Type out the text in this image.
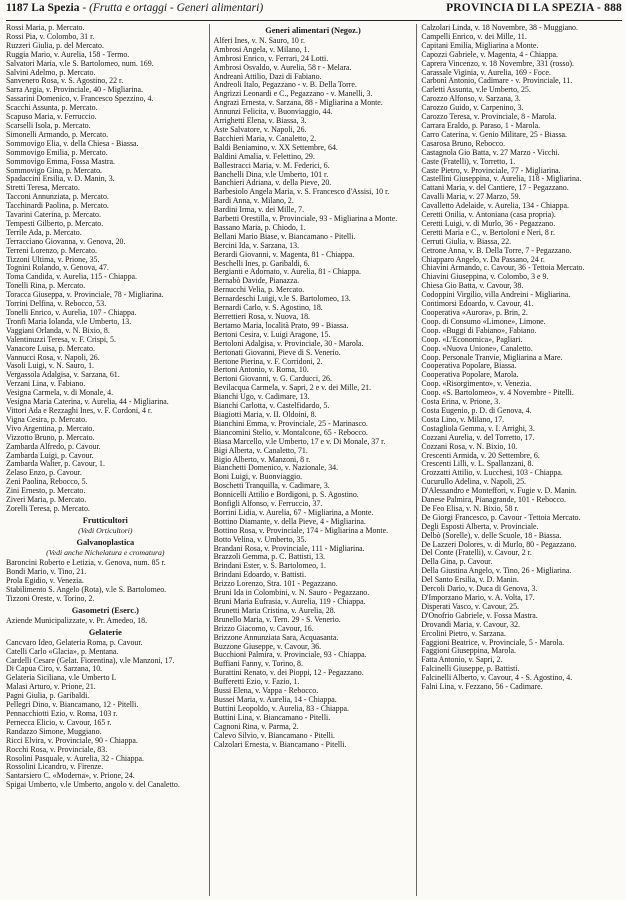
1187 La Spezia - (Frutta e ortaggi - Generi alimentari)	PROVINCIA DI LA SPEZIA - 888
Rossi Maria, p. Mercato.
Rossi Pia, v. Colombo, 31 r.
Ruzzeri Giulia, p. del Mercato.
Ruggia Mario, v. Aurelia, 158 - Termo.
Salvatori Maria, v.le S. Bartolomeo, num. 169.
Salvini Adelmo, p. Mercato.
Sanvenero Rosa, v. S. Agostino, 22 r.
Sarra Argia, v. Provinciale, 40 - Migliarina.
Sassarini Domenico, v. Francesco Spezzino, 4.
Scacchi Assunta, p. Mercato.
Scapuso Maria, v. Ferruccio.
Scarselli Isola, p. Mercato.
Simonelli Armando, p. Mercato.
Sommovigo Elia, v. della Chiesa - Biassa.
Sommovigo Emilia, p. Mercato.
Sommovigo Emma, Fossa Mastra.
Sommovigo Gina, p. Mercato.
Spadaccini Ersilia, v. D. Manin, 3.
Stretti Teresa, Mercato.
Tacconi Annunziata, p. Mercato.
Tacchinardi Paolina, p. Mercato.
Tavarini Caterina, p. Mercato.
Tempesti Gilberto, p. Mercato.
Terrile Ada, p. Mercato.
Terracciano Giovanna, v. Genova, 20.
Terreni Lorenzo, p. Mercato.
Tizzoni Ultima, v. Prione, 35.
Tognini Rolando, v. Genova, 47.
Toma Candida, v. Aurelia, 115 - Chiappa.
Tonelli Rina, p. Mercato.
Toracca Giuseppa, v. Provinciale, 78 - Migliarina.
Torrini Delfina, v. Rebocco, 53.
Tonelli Enrico, v. Aurelia, 107 - Chiappa.
Tronfi Maria Iolanda, v.le Umberto, 13.
Vaggiani Orlanda, v. N. Bixio, 8.
Valentinuzzi Teresa, v. F. Crispi, 5.
Vanacore Luisa, p. Mercato.
Vannucci Rosa, v. Napoli, 26.
Vasoli Luigi, v. N. Sauro, 1.
Vergassola Adalgisa, v. Sarzana, 61.
Verzani Lina, v. Fabiano.
Vesigna Carmela, v. di Monale, 4.
Vesigna Maria Caterina, v. Aurelia, 44 - Migliarina.
Vittori Ada e Rezzaghi Ines, v. F. Cordoni, 4 r.
Vigna Cesira, p. Mercato.
Vivo Argentina, p. Mercato.
Vizzotto Bruno, p. Mercato.
Zambarda Alfredo, p. Cavour.
Zambarda Luigi, p. Cavour.
Zambarda Walter, p. Cavour, 1.
Zelaso Enzo, p. Cavour.
Zeni Paolina, Rebocco, 5.
Zini Ernesto, p. Mercato.
Ziveri Maria, p. Mercato.
Zorelli Teresa, p. Mercato.
Frutticultori
(Vedi Orticultori)
Galvanoplastica
(Vedi anche Nichelatura e cromatura)
Baroncini Roberto e Letizia, v. Genova, num. 85 r.
Bondi Mario, v. Tino, 21.
Prola Egidio, v. Venezia.
Stabilimento S. Angelo (Rota), v.le S. Bartolomeo.
Tizzoni Oreste, v. Torino, 2.
Gasometri (Eserc.)
Aziende Municipalizzate, v. Pr. Amedeo, 18.
Gelaterie
Cancvaro Ideo, Gelateria Roma, p. Cavour.
Catelli Carlo «Glacia», p. Mentana.
Cardelli Cesare (Gelat. Fiorentina), v.le Manzoni, 17.
Di Capua Ciro, v. Sarzana, 10.
Gelateria Siciliana, v.le Umberto I.
Malasi Arturo, v. Prione, 21.
Pagni Giulia, p. Garibaldi.
Pellegri Dino, v. Biancamano, 12 - Pitelli.
Pennacchiotti Ezio, v. Roma, 103 r.
Pernecca Elicio, v. Cavour, 165 r.
Randazzo Simone, Muggiano.
Ricci Elvira, v. Provinciale, 90 - Chiappa.
Rocchi Rosa, v. Provinciale, 83.
Rosolini Pasquale, v. Aurelia, 32 - Chiappa.
Rossolini Licandro, v. Firenze.
Santarsiero C. «Moderna», v. Prione, 24.
Spigai Umberto, v.le Umberto, angolo v. del Canaletto.
Generi alimentari (Negoz.)
Alferi Ines, v. N. Sauro, 10 r.
Ambrosi Angela, v. Milano, 1.
Ambrosi Enrico, v. Ferrari, 24 Lotti.
Ambrosi Osvaldo, v. Aurelia, 58 r - Melara.
Andreanì Attilio, Dazi di Fabiano.
Andreoli Italo, Pegazzano - v. B. Della Torre.
Angrizzi Leonardi e C., Pegazzano - v. Manelli, 3.
Angrazi Ernesta, v. Sarzana, 88 - Migliarina a Monte.
Annunzi Felicita, v. Buonviaggio, 44.
Arrighetti Elena, v. Biassa, 3.
Aste Salvatore, v. Napoli, 26.
Bacchieri Maria, v. Canaletto, 2.
Baldi Beniamino, v. XX Settembre, 64.
Baldini Amalia, v. Felettino, 29.
Ballestracci Maria, v. M. Federici, 6.
Banchelli Dina, v.le Umberto, 101 r.
Banchieri Adriana, v. della Pieve, 20.
Barbesiolo Angela Maria, v. S. Francesco d'Assisi, 10 r.
Bardi Anna, v. Milano, 2.
Bardini Irma, v. dei Mille, 7.
Barbetti Orestilla, v. Provinciale, 93 - Migliarina a Monte.
Bassano Maria, p. Chiodo, 1.
Bellani Mario Biase, v. Biancamano - Pitelli.
Bercini Ida, v. Sarzana, 13.
Berardi Giovanni, v. Magenta, 81 - Chiappa.
Beschelli Ines, p. Garibaldi, 6.
Bergianti e Adornato, v. Aurelia, 81 - Chiappa.
Bernabò Davide, Pianazza.
Bernucchi Velia, p. Mercato.
Bernardeschi Luigi, v.le S. Bartolomeo, 13.
Bernardi Carlo, v. S. Agostino, 18.
Berrettieri Rosa, v. Nuova, 18.
Bertamo Maria, località Prato, 99 - Biassa.
Bertoni Cesira, v. Luigi Aragone, 15.
Bertoloni Adalgisa, v. Provinciale, 30 - Marola.
Bertonati Giovanni, Pieve di S. Venerio.
Bertone Pierina, v. F. Corridoni, 2.
Bertoni Antonio, v. Roma, 10.
Bertoni Giovanni, v. G. Carducci, 26.
Bevilacqua Carmela, v. Sapri, 2 e v. dei Mille, 21.
Bianchi Ugo, v. Cadimare, 13.
Bianchi Carlotta, v. Castelfidardo, 5.
Biagiotti Maria, v. II. Oldoini, 8.
Bianchini Emma, v. Provinciale, 25 - Marinasco.
Biancomini Stelio, v. Montalcone, 65 - Rebocco.
Biasa Marcello, v.le Umberto, 17 e v. Di Monale, 37 r.
Bigi Alberta, v. Canaletto, 71.
Bigio Alberto, v. Manzoni, 8 r.
Bianchetti Domenico, v. Nazionale, 34.
Boni Luigi, v. Buonviaggio.
Boschetti Tranquilla, v. Cadimare, 3.
Bonnicelli Attilio e Bordigoni, p. S. Agostino.
Bonfigli Alfonso, v. Ferruccio, 37.
Borrini Lidia, v. Aurelia, 67 - Migliarina, a Monte.
Bottino Diamante, v. della Pieve, 4 - Migliarina.
Bottino Rosa, v. Provinciale, 174 - Migliarina a Monte.
Botto Velina, v. Umberto, 35.
Brandani Rosa, v. Provinciale, 111 - Migliarina.
Brazzoli Gemma, p. C. Battisti, 13.
Brindani Ester, v. S. Bartolomeo, 1.
Brindani Edoardo, v. Battisti.
Brizzo Lorenzo, Stra. 101 - Pegazzano.
Bruni Ida in Colombini, v. N. Sauro - Pegazzano.
Bruni Maria Eufrasia, v. Aurelia, 119 - Chiappa.
Brunetti Maria Cristina, v. Aurelia, 28.
Brunello Maria, v. Tern. 29 - S. Venerio.
Brizzo Giacomo, v. Cavour, 16.
Brizzone Annunziata Sara, Acquasanta.
Buzzone Giuseppe, v. Cavour, 36.
Bucchioni Palmira, v. Provinciale, 93 - Chiappa.
Buffiani Fanny, v. Torino, 8.
Burattini Renato, v. dei Pioppi, 12 - Pegazzano.
Bufferetti Ezio, v. Fazio, 1.
Bussi Elena, v. Vappa - Rebocco.
Bussei Maria, v. Aurelia, 14 - Chiappa.
Buttini Leopoldo, v. Aurelia, 83 - Chiappa.
Buttini Lina, v. Biancamano - Pitelli.
Cagnoni Rina, v. Parma, 2.
Calevo Silvio, v. Biancamano - Pitelli.
Calzolari Ernesta, v. Biancamano - Pitelli.
Calzolari Linda, v. 18 Novembre, 38 - Muggiano.
Campelli Enrico, v. dei Mille, 11.
Capitani Emilia, Migliarina a Monte.
Capozzi Gabriele, v. Magenta, 4 - Chiappa.
Caprera Vincenzo, v. 18 Novembre, 331 (rosso).
Carassale Viginia, v. Aurelia, 169 - Foce.
Carbonì Antonio, Cadimare - v. Provinciale, 11.
Carletti Assunta, v.le Umberto, 25.
Carozzo Alfonso, v. Sarzana, 3.
Carozzo Guido, v. Carpenino, 3.
Carozzo Teresa, v. Provinciale, 8 - Marola.
Carrara Eraldo, p. Paraso, 1 - Marola.
Carro Caterina, v. Genio Militare, 25 - Biassa.
Casarosa Bruno, Rebocco.
Castagnola Gio Batta, v. 27 Marzo - Vicchi.
Caste (Fratelli), v. Torretto, 1.
Caste Pietro, v. Provinciale, 77 - Migliarina.
Castellini Giuseppina, v. Aurelia, 118 - Migliarina.
Cattani Maria, v. del Cantiere, 17 - Pegazzano.
Cavalli Maria, v. 27 Marzo, 59.
Cavalletto Adelaide, v. Aurelia, 134 - Chiappa.
Ceretti Onilia, v. Antoniana (casa propria).
Ceretti Luigi, v. di Murlo, 36 - Pegazzano.
Ceretti Maria e C., v. Bertoloni e Neri, 8 r.
Cerruti Giulia, v. Biassa, 22.
Cetrone Anna, v. B. Della Torre, 7 - Pegazzano.
Chiapparo Angelo, v. Da Passano, 24 r.
Chiavini Armando, c. Cavour, 36 - Tettoia Mercato.
Chiavini Giuseppina, v. Colombo, 3 e 9.
Chiesa Gio Batta, v. Cavour, 38.
Codoppini Virgilio, villa Andreini - Migliarina.
Contimorsi Edoardo, v. Cavour, 41.
Cooperativa «Aurora», p. Brin, 2.
Coop. di Consumo «Limone», Limone.
Coop. «Buggi di Fabiano», Fabiano.
Coop. «L'Economica», Pagliari.
Coop. «Nuova Unione», Canaletto.
Coop. Personale Tranvie, Migliarina a Mare.
Cooperativa Popolare, Biassa.
Cooperativa Popolare, Marola.
Coop. «Risorgimento», v. Venezia.
Coop. «S. Bartolomeo», v. 4 Novembre - Pitelli.
Costa Erina, v. Prione, 3.
Costa Eugenio, p. D. di Genova, 4.
Costa Lino, v. Milano, 17.
Costagliola Gemma, v. I. Arrighi, 3.
Cozzani Aurelia, v. del Torretto, 17.
Cozzani Rosa, v. N. Bixio, 10.
Crescenti Armida, v. 20 Settembre, 6.
Crescenti Lilli, v. L. Spallanzani, 8.
Crozzatti Attilio, v. Lucchesi, 103 - Chiappa.
Cucurullo Adelina, v. Napoli, 25.
D'Alessandro e Monteffori, v. Fugie v. D. Manin.
Danese Palmira, Pianagrande, 101 - Rebocco.
De Feo Elisa, v. N. Bixio, 58 r.
De Giorgi Francesco, p. Cavour - Tettoia Mercato.
Degli Esposti Alberta, v. Provinciale.
Delbò (Sorelle), v. delle Scuole, 18 - Biassa.
De Lazzeri Dolores, v. di Murlo, 80 - Pegazzano.
Del Conte (Fratelli), v. Cavour, 2 r.
Della Gina, p. Cavour.
Della Giustina Angelo, v. Tino, 26 - Migliarina.
Del Santo Ersilia, v. D. Manin.
Dercoli Dario, v. Duca di Genova, 3.
D'Imporzano Mario, v. A. Volta, 17.
Disperati Vasco, v. Cavour, 25.
D'Onofrio Gabriele, v. Fossa Mastra.
Drovandi Maria, v. Cavour, 32.
Ercolini Pietro, v. Sarzana.
Faggioni Beatrice, v. Provinciale, 5 - Marola.
Faggioni Giuseppina, Marola.
Fatta Antonio, v. Sapri, 2.
Falcinelli Giuseppe, p. Battisti.
Falcinelli Alberto, v. Cavour, 4 - S. Agostino, 4.
Falni Lina, v. Fezzano, 56 - Cadimare.
